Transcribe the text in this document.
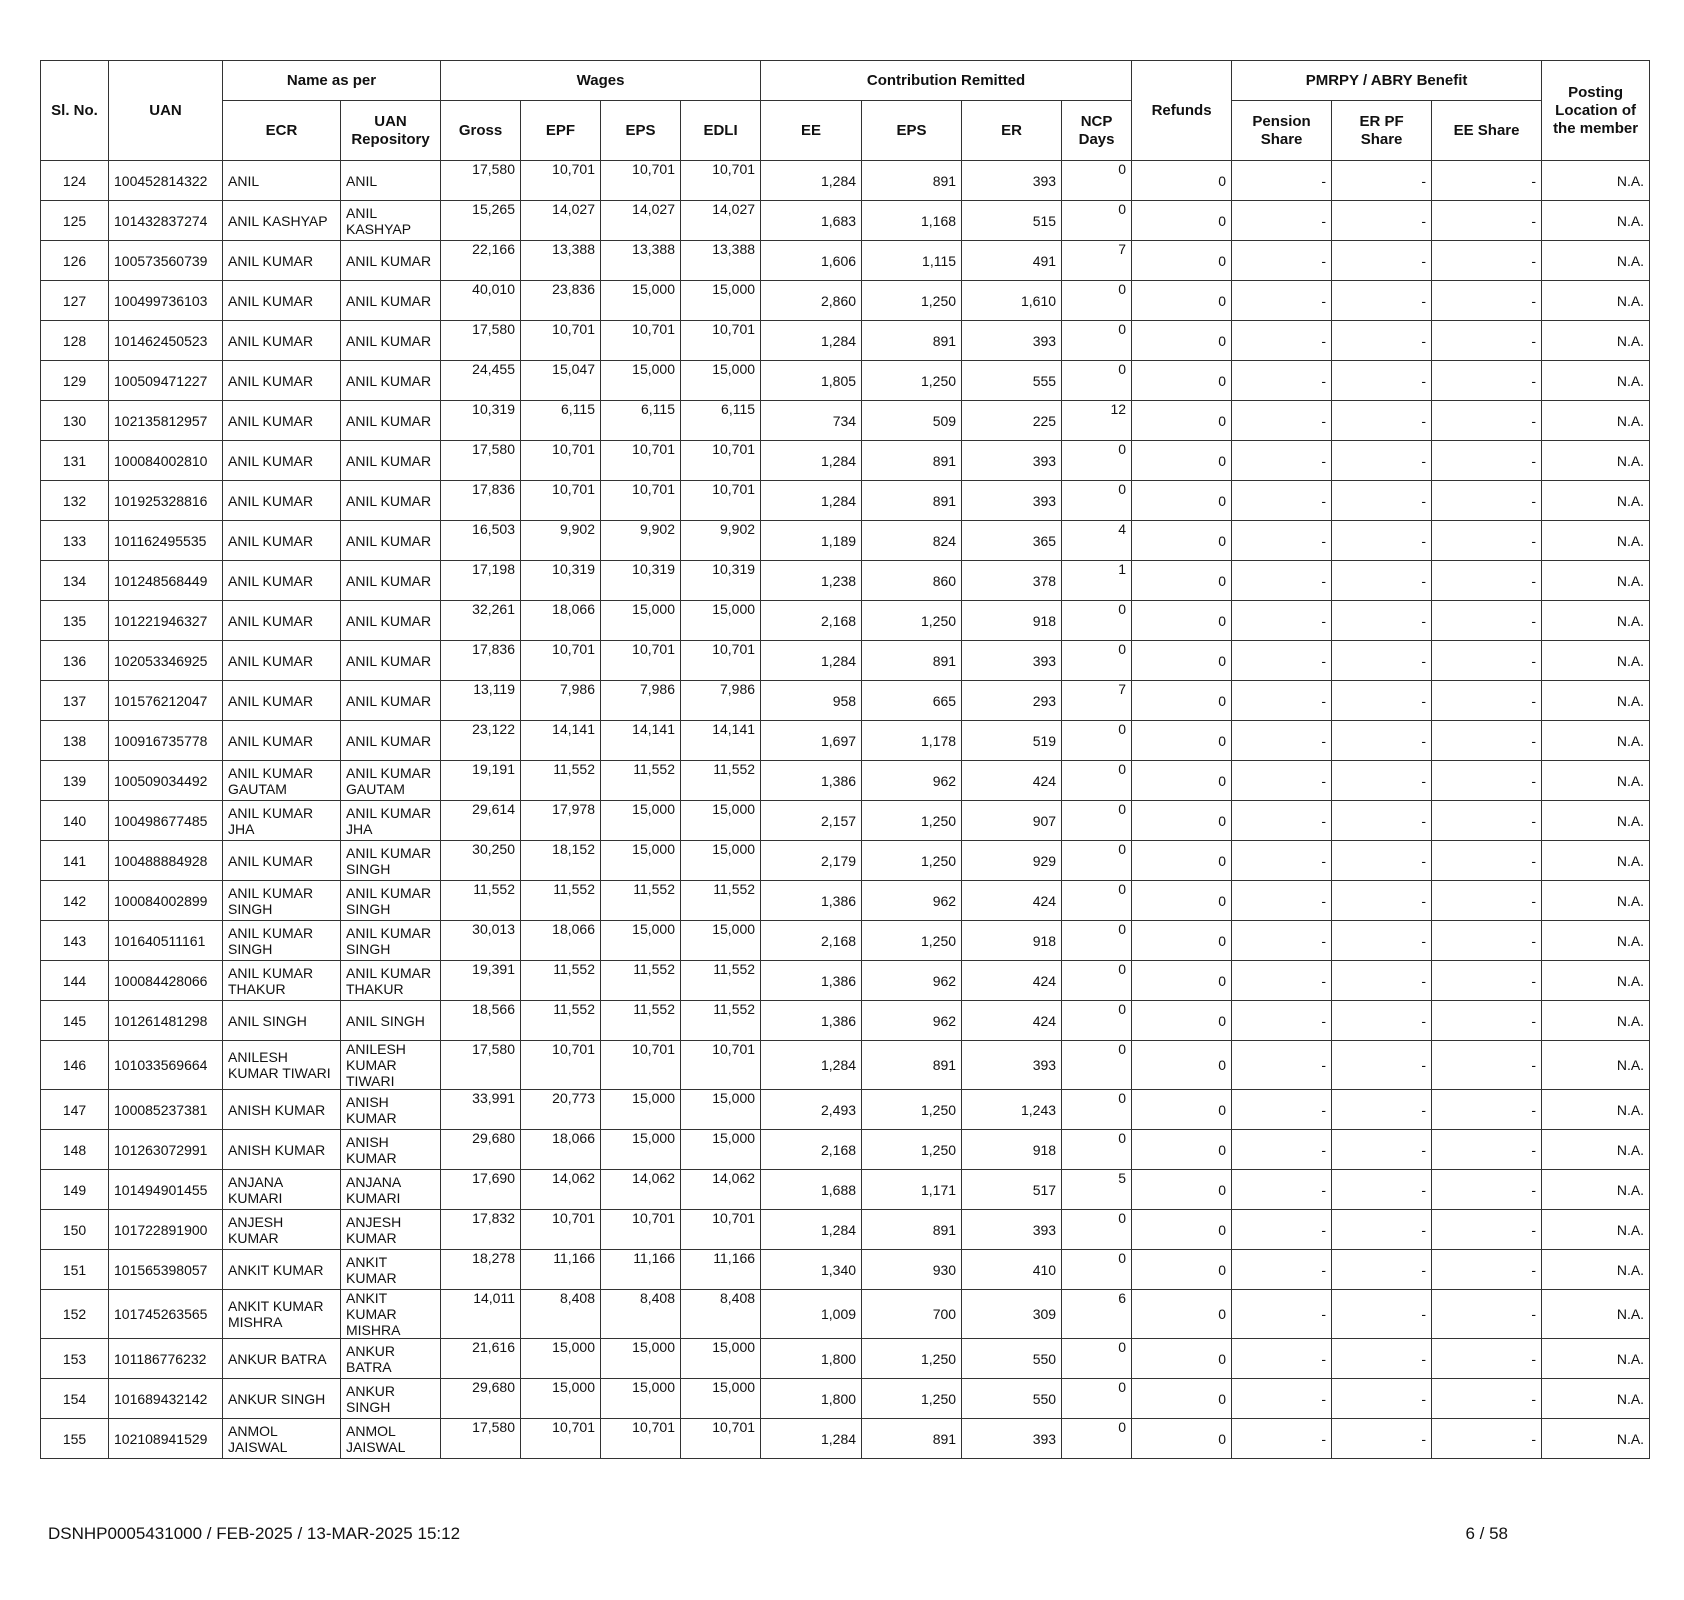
Sl. No.	UAN	Name as per		Wages				Contribution Remitted				Refunds	PMRPY / ABRY Benefit			Posting Location of the member
		ECR	UAN Repository	Gross	EPF	EPS	EDLI	EE	EPS	ER	NCP Days		Pension Share	ER PF Share	EE Share	
124	100452814322	ANIL	ANIL	17,580	10,701	10,701	10,701	1,284	891	393	0	0	-	-	-	N.A.
125	101432837274	ANIL KASHYAP	ANIL KASHYAP	15,265	14,027	14,027	14,027	1,683	1,168	515	0	0	-	-	-	N.A.
126	100573560739	ANIL KUMAR	ANIL KUMAR	22,166	13,388	13,388	13,388	1,606	1,115	491	7	0	-	-	-	N.A.
127	100499736103	ANIL KUMAR	ANIL KUMAR	40,010	23,836	15,000	15,000	2,860	1,250	1,610	0	0	-	-	-	N.A.
128	101462450523	ANIL KUMAR	ANIL KUMAR	17,580	10,701	10,701	10,701	1,284	891	393	0	0	-	-	-	N.A.
129	100509471227	ANIL KUMAR	ANIL KUMAR	24,455	15,047	15,000	15,000	1,805	1,250	555	0	0	-	-	-	N.A.
130	102135812957	ANIL KUMAR	ANIL KUMAR	10,319	6,115	6,115	6,115	734	509	225	12	0	-	-	-	N.A.
131	100084002810	ANIL KUMAR	ANIL KUMAR	17,580	10,701	10,701	10,701	1,284	891	393	0	0	-	-	-	N.A.
132	101925328816	ANIL KUMAR	ANIL KUMAR	17,836	10,701	10,701	10,701	1,284	891	393	0	0	-	-	-	N.A.
133	101162495535	ANIL KUMAR	ANIL KUMAR	16,503	9,902	9,902	9,902	1,189	824	365	4	0	-	-	-	N.A.
134	101248568449	ANIL KUMAR	ANIL KUMAR	17,198	10,319	10,319	10,319	1,238	860	378	1	0	-	-	-	N.A.
135	101221946327	ANIL KUMAR	ANIL KUMAR	32,261	18,066	15,000	15,000	2,168	1,250	918	0	0	-	-	-	N.A.
136	102053346925	ANIL KUMAR	ANIL KUMAR	17,836	10,701	10,701	10,701	1,284	891	393	0	0	-	-	-	N.A.
137	101576212047	ANIL KUMAR	ANIL KUMAR	13,119	7,986	7,986	7,986	958	665	293	7	0	-	-	-	N.A.
138	100916735778	ANIL KUMAR	ANIL KUMAR	23,122	14,141	14,141	14,141	1,697	1,178	519	0	0	-	-	-	N.A.
139	100509034492	ANIL KUMAR GAUTAM	ANIL KUMAR GAUTAM	19,191	11,552	11,552	11,552	1,386	962	424	0	0	-	-	-	N.A.
140	100498677485	ANIL KUMAR JHA	ANIL KUMAR JHA	29,614	17,978	15,000	15,000	2,157	1,250	907	0	0	-	-	-	N.A.
141	100488884928	ANIL KUMAR	ANIL KUMAR SINGH	30,250	18,152	15,000	15,000	2,179	1,250	929	0	0	-	-	-	N.A.
142	100084002899	ANIL KUMAR SINGH	ANIL KUMAR SINGH	11,552	11,552	11,552	11,552	1,386	962	424	0	0	-	-	-	N.A.
143	101640511161	ANIL KUMAR SINGH	ANIL KUMAR SINGH	30,013	18,066	15,000	15,000	2,168	1,250	918	0	0	-	-	-	N.A.
144	100084428066	ANIL KUMAR THAKUR	ANIL KUMAR THAKUR	19,391	11,552	11,552	11,552	1,386	962	424	0	0	-	-	-	N.A.
145	101261481298	ANIL SINGH	ANIL SINGH	18,566	11,552	11,552	11,552	1,386	962	424	0	0	-	-	-	N.A.
146	101033569664	ANILESH KUMAR TIWARI	ANILESH KUMAR TIWARI	17,580	10,701	10,701	10,701	1,284	891	393	0	0	-	-	-	N.A.
147	100085237381	ANISH KUMAR	ANISH KUMAR	33,991	20,773	15,000	15,000	2,493	1,250	1,243	0	0	-	-	-	N.A.
148	101263072991	ANISH KUMAR	ANISH KUMAR	29,680	18,066	15,000	15,000	2,168	1,250	918	0	0	-	-	-	N.A.
149	101494901455	ANJANA KUMARI	ANJANA KUMARI	17,690	14,062	14,062	14,062	1,688	1,171	517	5	0	-	-	-	N.A.
150	101722891900	ANJESH KUMAR	ANJESH KUMAR	17,832	10,701	10,701	10,701	1,284	891	393	0	0	-	-	-	N.A.
151	101565398057	ANKIT KUMAR	ANKIT KUMAR	18,278	11,166	11,166	11,166	1,340	930	410	0	0	-	-	-	N.A.
152	101745263565	ANKIT KUMAR MISHRA	ANKIT KUMAR MISHRA	14,011	8,408	8,408	8,408	1,009	700	309	6	0	-	-	-	N.A.
153	101186776232	ANKUR BATRA	ANKUR BATRA	21,616	15,000	15,000	15,000	1,800	1,250	550	0	0	-	-	-	N.A.
154	101689432142	ANKUR SINGH	ANKUR SINGH	29,680	15,000	15,000	15,000	1,800	1,250	550	0	0	-	-	-	N.A.
155	102108941529	ANMOL JAISWAL	ANMOL JAISWAL	17,580	10,701	10,701	10,701	1,284	891	393	0	0	-	-	-	N.A.
DSNHP0005431000 / FEB-2025 / 13-MAR-2025 15:12	6 / 58
